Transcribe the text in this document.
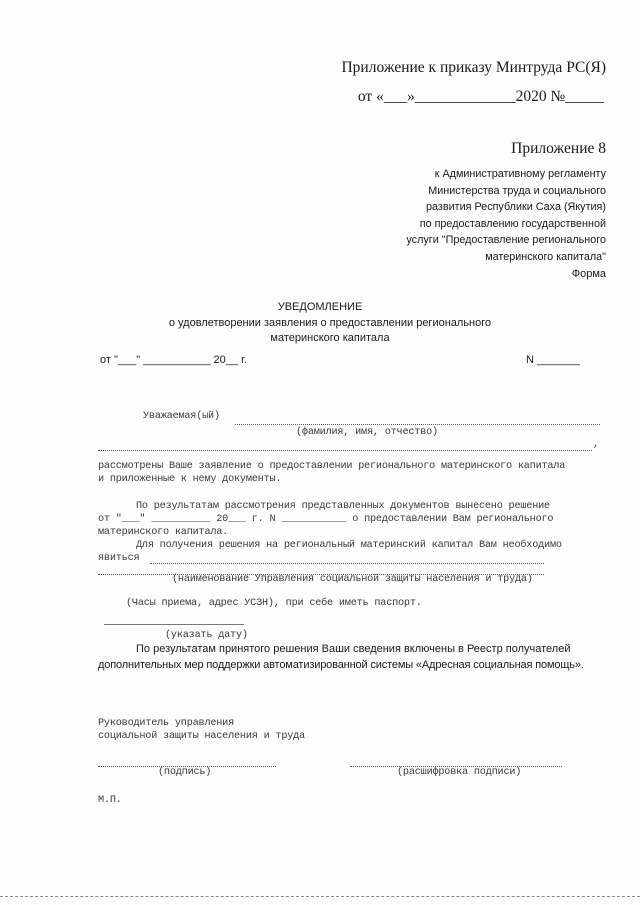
Приложение к приказу Минтруда РС(Я)
от «___»_____________2020 №_____
Приложение 8
к Административному регламенту
Министерства труда и социального
развития Республики Саха (Якутия)
по предоставлению государственной
услуги "Предоставление регионального
материнского капитала"
Форма
УВЕДОМЛЕНИЕ
о удовлетворении заявления о предоставлении регионального
материнского капитала
от "___" ___________ 20__ г.	N _______
Уважаемая(ый)
(фамилия, имя, отчество)
,
рассмотрены Ваше заявление о предоставлении регионального материнского капитала
и приложенные к нему документы.
По результатам рассмотрения представленных документов вынесено решение
от "___" __________ 20___ г. N ___________ о предоставлении Вам регионального
материнского капитала.
Для получения решения на региональный материнский капитал Вам необходимо
явиться
(наименование Управления социальной защиты населения и труда)
(Часы приема, адрес УСЗН), при себе иметь паспорт.
(указать дату)
По результатам принятого решения Ваши сведения включены в Реестр получателей
дополнительных мер поддержки автоматизированной системы «Адресная социальная помощь».
Руководитель управления
социальной защиты населения и труда
(подпись)	(расшифровка подписи)
М.П.
